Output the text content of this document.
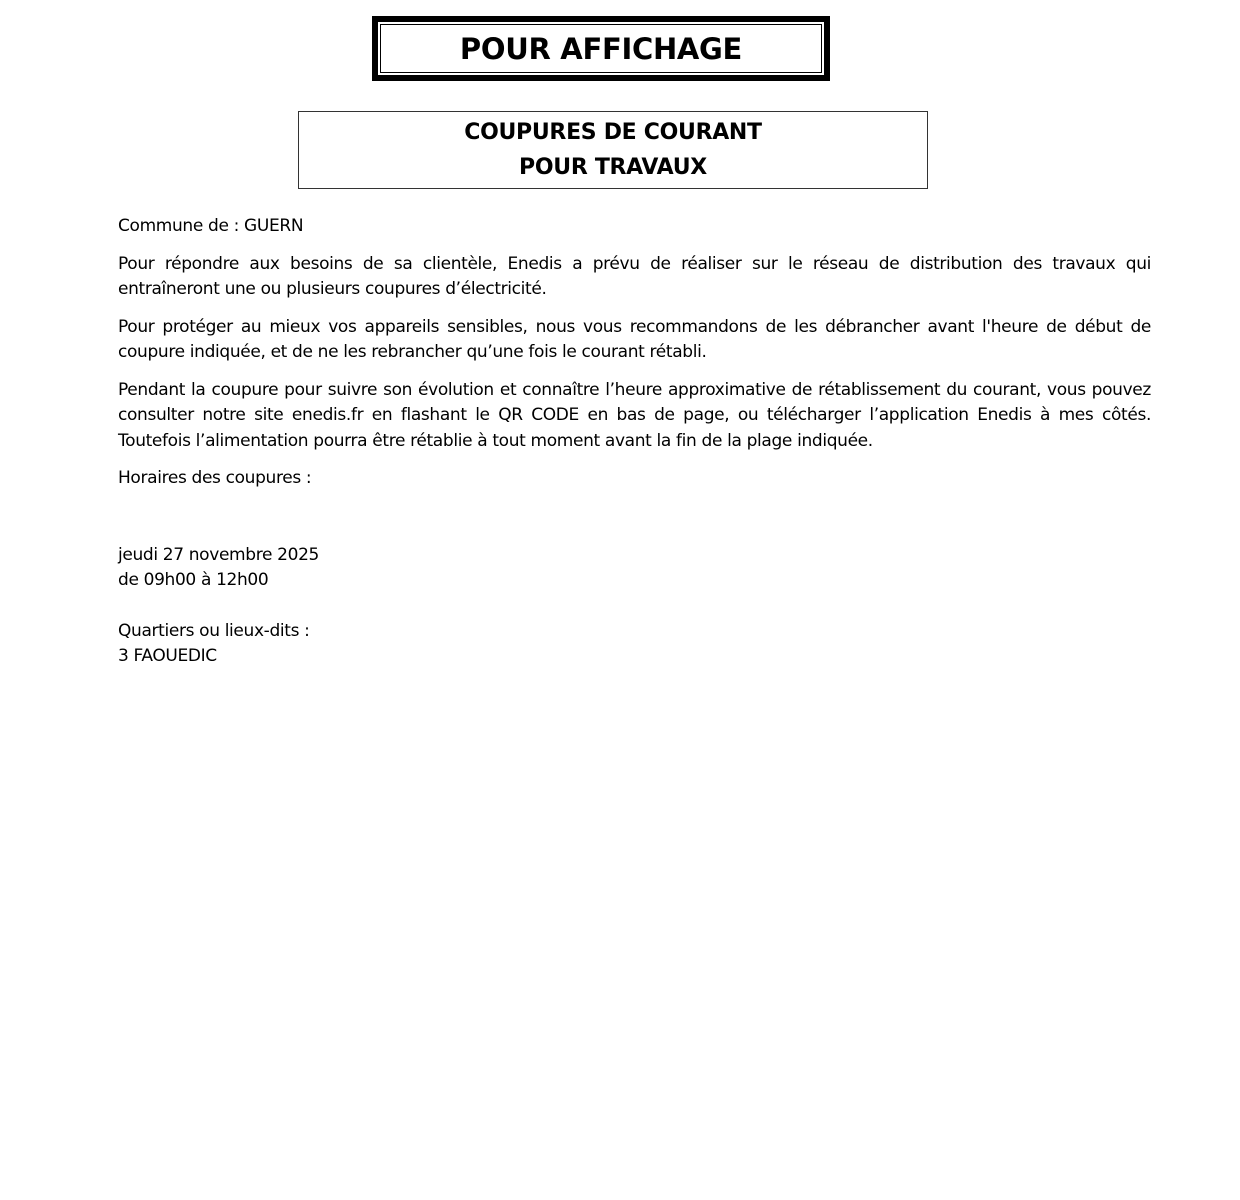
POUR AFFICHAGE
COUPURES DE COURANT
POUR TRAVAUX
Commune de : GUERN

Pour répondre aux besoins de sa clientèle, Enedis a prévu de réaliser sur le réseau de distribution des travaux qui entraîneront une ou plusieurs coupures d’électricité.

Pour protéger au mieux vos appareils sensibles, nous vous recommandons de les débrancher avant l'heure de début de coupure indiquée, et de ne les rebrancher qu’une fois le courant rétabli.

Pendant la coupure pour suivre son évolution et connaître l’heure approximative de rétablissement du courant, vous pouvez consulter notre site enedis.fr en flashant le QR CODE en bas de page, ou télécharger l’application Enedis à mes côtés. Toutefois l’alimentation pourra être rétablie à tout moment avant la fin de la plage indiquée.

Horaires des coupures :
jeudi 27 novembre 2025
de 09h00 à 12h00
Quartiers ou lieux-dits :
3 FAOUEDIC
